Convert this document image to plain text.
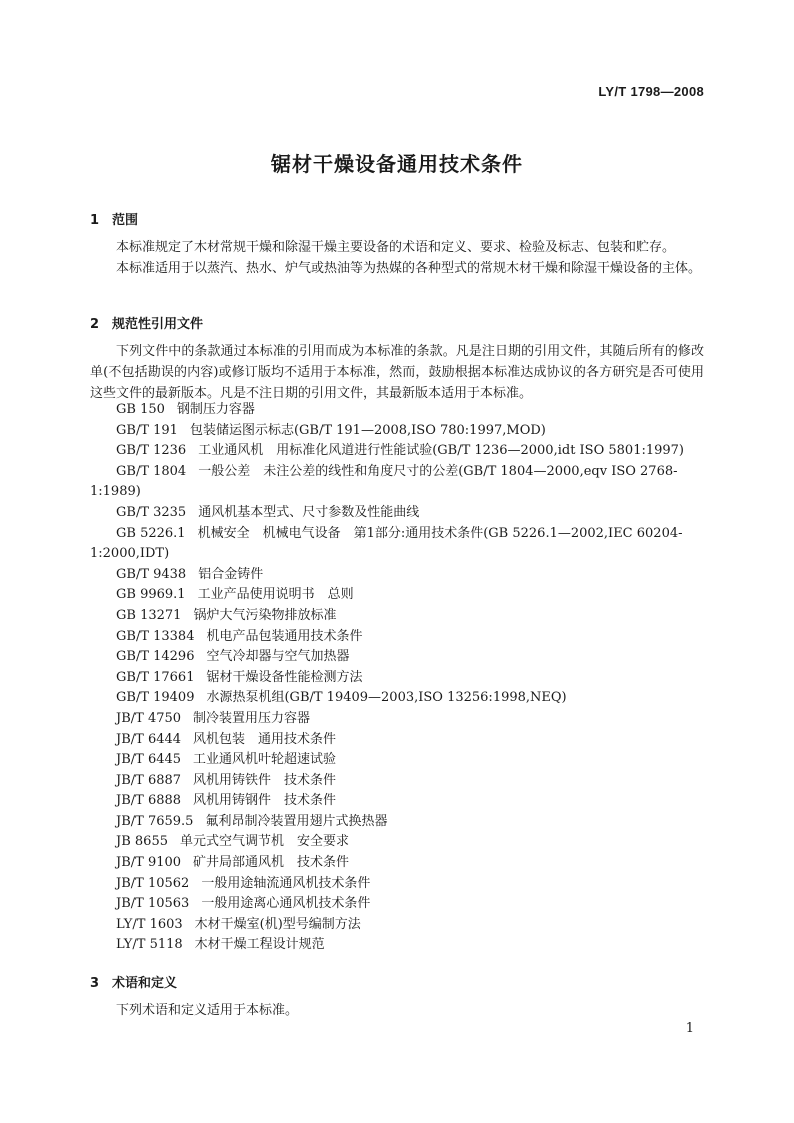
LY/T 1798—2008
锯材干燥设备通用技术条件
1 范围

本标准规定了木材常规干燥和除湿干燥主要设备的术语和定义、要求、检验及标志、包装和贮存。

本标准适用于以蒸汽、热水、炉气或热油等为热媒的各种型式的常规木材干燥和除湿干燥设备的主体。

2 规范性引用文件

下列文件中的条款通过本标准的引用而成为本标准的条款。凡是注日期的引用文件，其随后所有的修改单(不包括勘误的内容)或修订版均不适用于本标准，然而，鼓励根据本标准达成协议的各方研究是否可使用这些文件的最新版本。凡是不注日期的引用文件，其最新版本适用于本标准。

GB 150 钢制压力容器
GB/T 191 包装储运图示标志(GB/T 191—2008,ISO 780:1997,MOD)
GB/T 1236 工业通风机　用标准化风道进行性能试验(GB/T 1236—2000,idt ISO 5801:1997)
GB/T 1804 一般公差　未注公差的线性和角度尺寸的公差(GB/T 1804—2000,eqv ISO 2768-1:1989)
GB/T 3235 通风机基本型式、尺寸参数及性能曲线
GB 5226.1 机械安全　机械电气设备　第1部分:通用技术条件(GB 5226.1—2002,IEC 60204-1:2000,IDT)
GB/T 9438 铝合金铸件
GB 9969.1 工业产品使用说明书　总则
GB 13271 锅炉大气污染物排放标准
GB/T 13384 机电产品包装通用技术条件
GB/T 14296 空气冷却器与空气加热器
GB/T 17661 锯材干燥设备性能检测方法
GB/T 19409 水源热泵机组(GB/T 19409—2003,ISO 13256:1998,NEQ)
JB/T 4750 制冷装置用压力容器
JB/T 6444 风机包装　通用技术条件
JB/T 6445 工业通风机叶轮超速试验
JB/T 6887 风机用铸铁件　技术条件
JB/T 6888 风机用铸钢件　技术条件
JB/T 7659.5 氟利昂制冷装置用翅片式换热器
JB 8655 单元式空气调节机　安全要求
JB/T 9100 矿井局部通风机　技术条件
JB/T 10562 一般用途轴流通风机技术条件
JB/T 10563 一般用途离心通风机技术条件
LY/T 1603 木材干燥室(机)型号编制方法
LY/T 5118 木材干燥工程设计规范
3 术语和定义

下列术语和定义适用于本标准。

1
